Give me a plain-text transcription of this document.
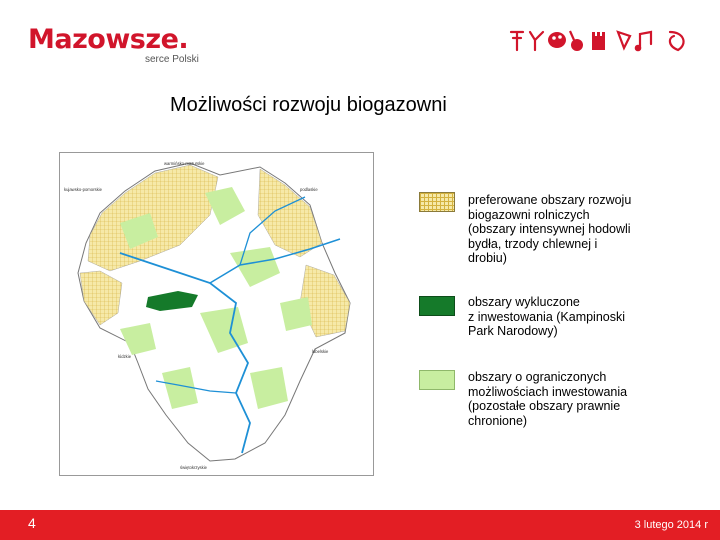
Mazowsze.
serce Polski
Możliwości rozwoju biogazowni
warmińsko-mazurskie
kujawsko-pomorskie	podlaskie
łódzkie
lubelskie
świętokrzyskie
preferowane obszary rozwoju
biogazowni rolniczych
(obszary intensywnej hodowli
bydła, trzody chlewnej i
drobiu)
obszary wykluczone
z inwestowania (Kampinoski
Park Narodowy)
obszary o ograniczonych
możliwościach inwestowania
(pozostałe obszary prawnie
chronione)
4	3 lutego 2014 r
